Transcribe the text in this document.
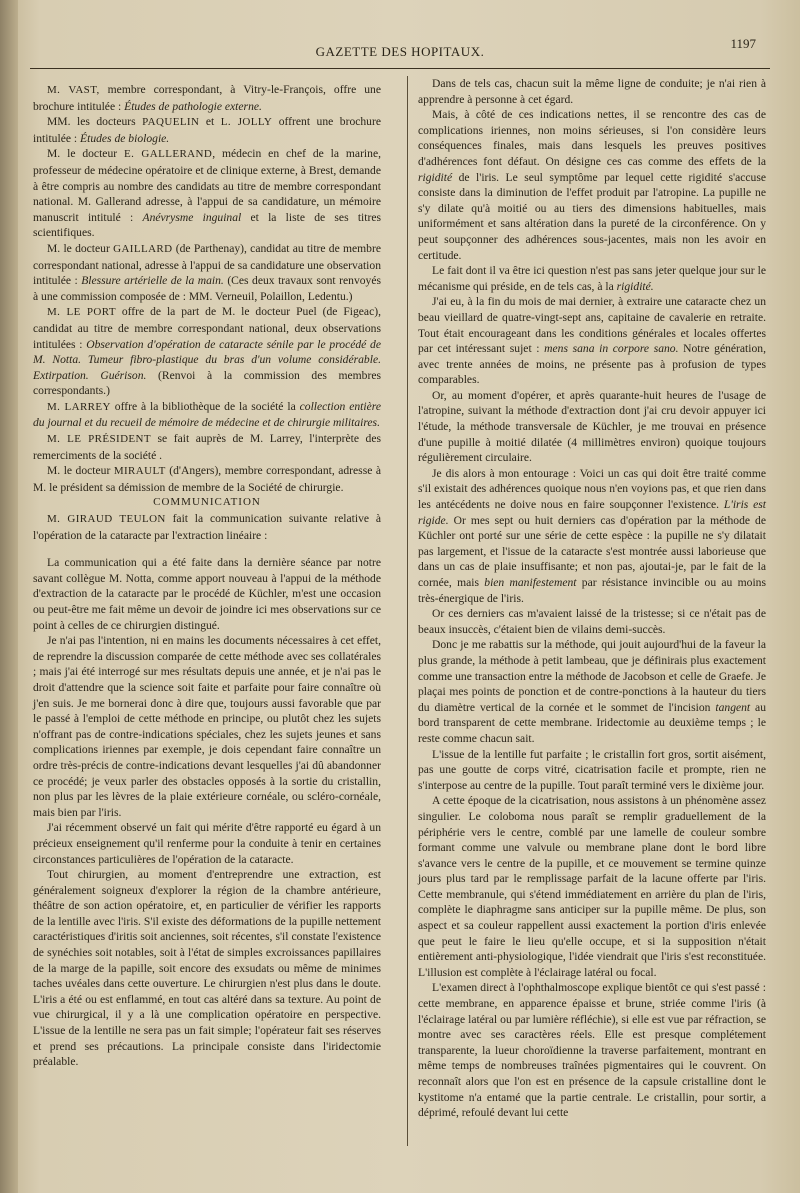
GAZETTE DES HOPITAUX.
1197

M. VAST, membre correspondant, à Vitry-le-François, offre une brochure intitulée : Études de pathologie externe.

MM. les docteurs PAQUELIN et L. JOLLY offrent une brochure intitulée : Études de biologie.

M. le docteur E. GALLERAND, médecin en chef de la marine, professeur de médecine opératoire et de clinique externe, à Brest, demande à être compris au nombre des candidats au titre de membre correspondant national. M. Gallerand adresse, à l'appui de sa candidature, un mémoire manuscrit intitulé : Anévrysme inguinal et la liste de ses titres scientifiques.

M. le docteur GAILLARD (de Parthenay), candidat au titre de membre correspondant national, adresse à l'appui de sa candidature une observation intitulée : Blessure artérielle de la main. (Ces deux travaux sont renvoyés à une commission composée de : MM. Verneuil, Polaillon, Ledentu.)

M. LE PORT offre de la part de M. le docteur Puel (de Figeac), candidat au titre de membre correspondant national, deux observations intitulées : Observation d'opération de cataracte sénile par le procédé de M. Notta. Tumeur fibro-plastique du bras d'un volume considérable. Extirpation. Guérison. (Renvoi à la commission des membres correspondants.)

M. LARREY offre à la bibliothèque de la société la collection entière du journal et du recueil de mémoire de médecine et de chirurgie militaires.

M. LE PRÉSIDENT se fait auprès de M. Larrey, l'interprète des remerciments de la société .

M. le docteur MIRAULT (d'Angers), membre correspondant, adresse à M. le président sa démission de membre de la Société de chirurgie.

COMMUNICATION

M. GIRAUD TEULON fait la communication suivante relative à l'opération de la cataracte par l'extraction linéaire :

La communication qui a été faite dans la dernière séance par notre savant collègue M. Notta, comme apport nouveau à l'appui de la méthode d'extraction de la cataracte par le procédé de Küchler, m'est une occasion ou peut-être me fait même un devoir de joindre ici mes observations sur ce point à celles de ce chirurgien distingué.

Je n'ai pas l'intention, ni en mains les documents nécessaires à cet effet, de reprendre la discussion comparée de cette méthode avec ses collatérales ; mais j'ai été interrogé sur mes résultats depuis une année, et je n'ai pas le droit d'attendre que la science soit faite et parfaite pour faire connaître où j'en suis. Je me bornerai donc à dire que, toujours aussi favorable que par le passé à l'emploi de cette méthode en principe, ou plutôt chez les sujets n'offrant pas de contre-indications spéciales, chez les sujets jeunes et sans complications iriennes par exemple, je dois cependant faire connaître un ordre très-précis de contre-indications devant lesquelles j'ai dû abandonner ce procédé; je veux parler des obstacles opposés à la sortie du cristallin, non plus par les lèvres de la plaie extérieure cornéale, ou scléro-cornéale, mais bien par l'iris.

J'ai récemment observé un fait qui mérite d'être rapporté eu égard à un précieux enseignement qu'il renferme pour la conduite à tenir en certaines circonstances particulières de l'opération de la cataracte.

Tout chirurgien, au moment d'entreprendre une extraction, est généralement soigneux d'explorer la région de la chambre antérieure, théâtre de son action opératoire, et, en particulier de vérifier les rapports de la lentille avec l'iris. S'il existe des déformations de la pupille nettement caractéristiques d'iritis soit anciennes, soit récentes, s'il constate l'existence de synéchies soit notables, soit à l'état de simples excroissances papillaires de la marge de la papille, soit encore des exsudats ou même de minimes taches uvéales dans cette ouverture. Le chirurgien n'est plus dans le doute. L'iris a été ou est enflammé, en tout cas altéré dans sa texture. Au point de vue chirurgical, il y a là une complication opératoire en perspective. L'issue de la lentille ne sera pas un fait simple; l'opérateur fait ses réserves et prend ses précautions. La principale consiste dans l'iridectomie préalable.

Dans de tels cas, chacun suit la même ligne de conduite; je n'ai rien à apprendre à personne à cet égard.

Mais, à côté de ces indications nettes, il se rencontre des cas de complications iriennes, non moins sérieuses, si l'on considère leurs conséquences finales, mais dans lesquels les preuves positives d'adhérences font défaut. On désigne ces cas comme des effets de la rigidité de l'iris. Le seul symptôme par lequel cette rigidité s'accuse consiste dans la diminution de l'effet produit par l'atropine. La pupille ne s'y dilate qu'à moitié ou au tiers des dimensions habituelles, mais uniformément et sans altération dans la pureté de la circonférence. On y peut soupçonner des adhérences sous-jacentes, mais non les avoir en certitude.

Le fait dont il va être ici question n'est pas sans jeter quelque jour sur le mécanisme qui préside, en de tels cas, à la rigidité.

J'ai eu, à la fin du mois de mai dernier, à extraire une cataracte chez un beau vieillard de quatre-vingt-sept ans, capitaine de cavalerie en retraite. Tout était encourageant dans les conditions générales et locales offertes par cet intéressant sujet : mens sana in corpore sano. Notre génération, avec trente années de moins, ne présente pas à profusion de types comparables.

Or, au moment d'opérer, et après quarante-huit heures de l'usage de l'atropine, suivant la méthode d'extraction dont j'ai cru devoir appuyer ici l'étude, la méthode transversale de Küchler, je me trouvai en présence d'une pupille à moitié dilatée (4 millimètres environ) quoique toujours régulièrement circulaire.

Je dis alors à mon entourage : Voici un cas qui doit être traité comme s'il existait des adhérences quoique nous n'en voyions pas, et que rien dans les antécédents ne doive nous en faire soupçonner l'existence. L'iris est rigide. Or mes sept ou huit derniers cas d'opération par la méthode de Küchler ont porté sur une série de cette espèce : la pupille ne s'y dilatait pas largement, et l'issue de la cataracte s'est montrée aussi laborieuse que dans un cas de plaie insuffisante; et non pas, ajoutai-je, par le fait de la cornée, mais bien manifestement par résistance invincible ou au moins très-énergique de l'iris.

Or ces derniers cas m'avaient laissé de la tristesse; si ce n'était pas de beaux insuccès, c'étaient bien de vilains demi-succès.

Donc je me rabattis sur la méthode, qui jouit aujourd'hui de la faveur la plus grande, la méthode à petit lambeau, que je définirais plus exactement comme une transaction entre la méthode de Jacobson et celle de Graefe. Je plaçai mes points de ponction et de contre-ponctions à la hauteur du tiers du diamètre vertical de la cornée et le sommet de l'incision tangent au bord transparent de cette membrane. Iridectomie au deuxième temps ; le reste comme chacun sait.

L'issue de la lentille fut parfaite ; le cristallin fort gros, sortit aisément, pas une goutte de corps vitré, cicatrisation facile et prompte, rien ne s'interpose au centre de la pupille. Tout paraît terminé vers le dixième jour.

A cette époque de la cicatrisation, nous assistons à un phénomène assez singulier. Le coloboma nous paraît se remplir graduellement de la périphérie vers le centre, comblé par une lamelle de couleur sombre formant comme une valvule ou membrane plane dont le bord libre s'avance vers le centre de la pupille, et ce mouvement se termine quinze jours plus tard par le remplissage parfait de la lacune offerte par l'iris. Cette membranule, qui s'étend immédiatement en arrière du plan de l'iris, complète le diaphragme sans anticiper sur la pupille même. De plus, son aspect et sa couleur rappellent aussi exactement la portion d'iris enlevée que peut le faire le lieu qu'elle occupe, et si la supposition n'était entièrement anti-physiologique, l'idée viendrait que l'iris s'est reconstituée. L'illusion est complète à l'éclairage latéral ou focal.

L'examen direct à l'ophthalmoscope explique bientôt ce qui s'est passé : cette membrane, en apparence épaisse et brune, striée comme l'iris (à l'éclairage latéral ou par lumière réfléchie), si elle est vue par réfraction, se montre avec ses caractères réels. Elle est presque complétement transparente, la lueur choroïdienne la traverse parfaitement, montrant en même temps de nombreuses traînées pigmentaires qui le couvrent. On reconnaît alors que l'on est en présence de la capsule cristalline dont le kystitome n'a entamé que la partie centrale. Le cristallin, pour sortir, a déprimé, refoulé devant lui cette
